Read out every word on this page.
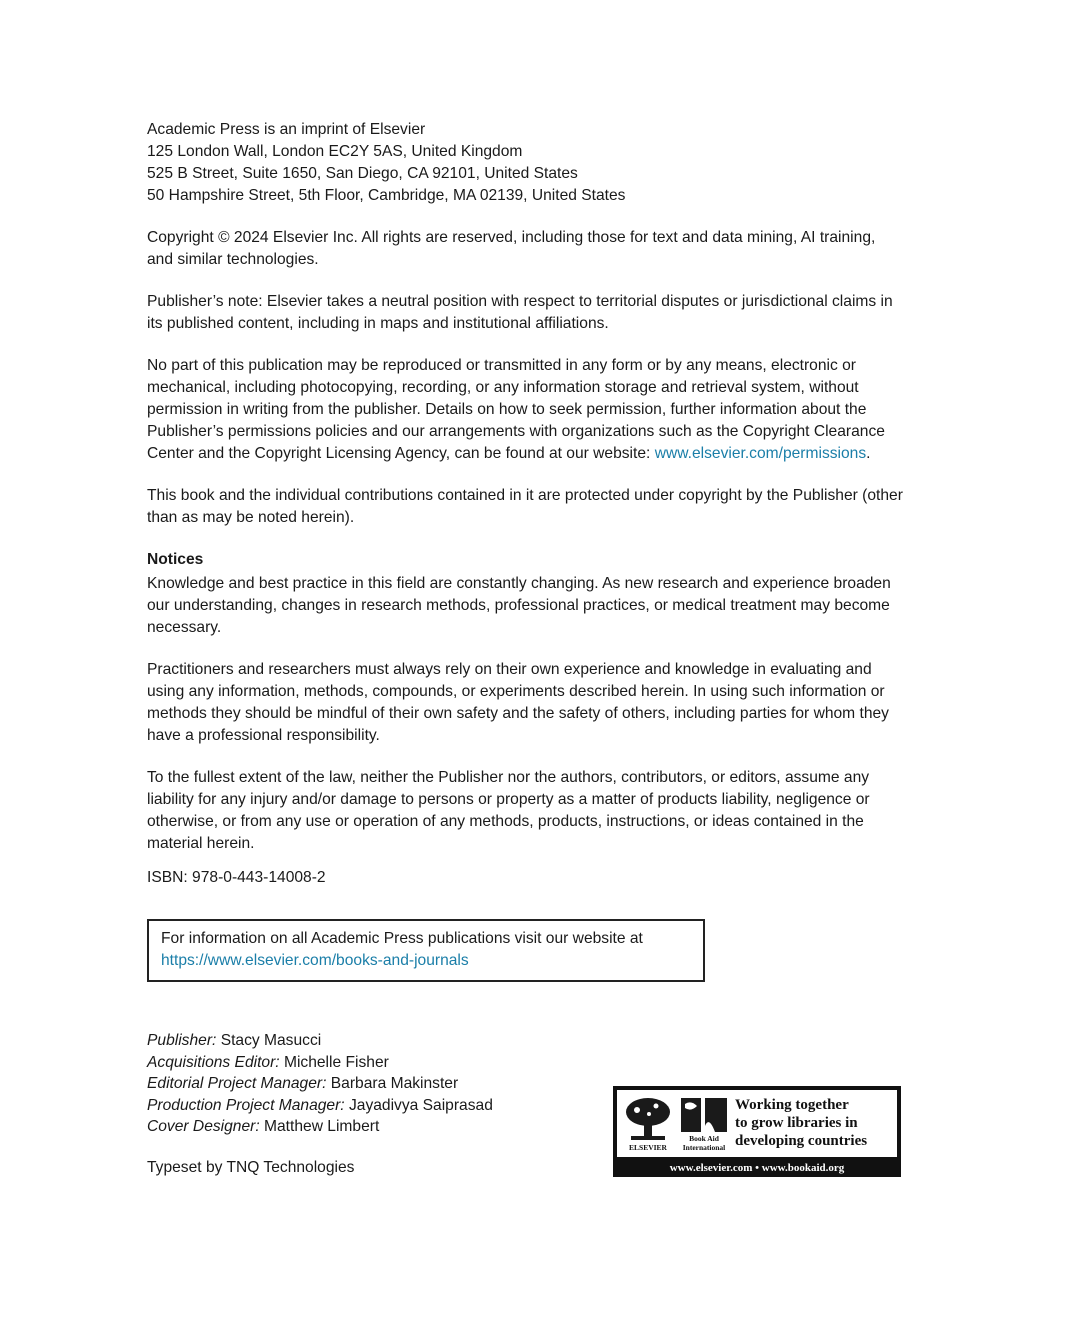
Academic Press is an imprint of Elsevier
125 London Wall, London EC2Y 5AS, United Kingdom
525 B Street, Suite 1650, San Diego, CA 92101, United States
50 Hampshire Street, 5th Floor, Cambridge, MA 02139, United States

Copyright © 2024 Elsevier Inc. All rights are reserved, including those for text and data mining, AI training, and similar technologies.

Publisher’s note: Elsevier takes a neutral position with respect to territorial disputes or jurisdictional claims in its published content, including in maps and institutional affiliations.

No part of this publication may be reproduced or transmitted in any form or by any means, electronic or mechanical, including photocopying, recording, or any information storage and retrieval system, without permission in writing from the publisher. Details on how to seek permission, further information about the Publisher’s permissions policies and our arrangements with organizations such as the Copyright Clearance Center and the Copyright Licensing Agency, can be found at our website: www.elsevier.com/permissions.

This book and the individual contributions contained in it are protected under copyright by the Publisher (other than as may be noted herein).

Notices

Knowledge and best practice in this field are constantly changing. As new research and experience broaden our understanding, changes in research methods, professional practices, or medical treatment may become necessary.

Practitioners and researchers must always rely on their own experience and knowledge in evaluating and using any information, methods, compounds, or experiments described herein. In using such information or methods they should be mindful of their own safety and the safety of others, including parties for whom they have a professional responsibility.

To the fullest extent of the law, neither the Publisher nor the authors, contributors, or editors, assume any liability for any injury and/or damage to persons or property as a matter of products liability, negligence or otherwise, or from any use or operation of any methods, products, instructions, or ideas contained in the material herein.

ISBN: 978-0-443-14008-2
For information on all Academic Press publications visit our website at
https://www.elsevier.com/books-and-journals
Publisher: Stacy Masucci
Acquisitions Editor: Michelle Fisher
Editorial Project Manager: Barbara Makinster
Production Project Manager: Jayadivya Saiprasad
Cover Designer: Matthew Limbert
Typeset by TNQ Technologies
ELSEVIER
Book Aid International
Working together
to grow libraries in
developing countries
www.elsevier.com • www.bookaid.org
